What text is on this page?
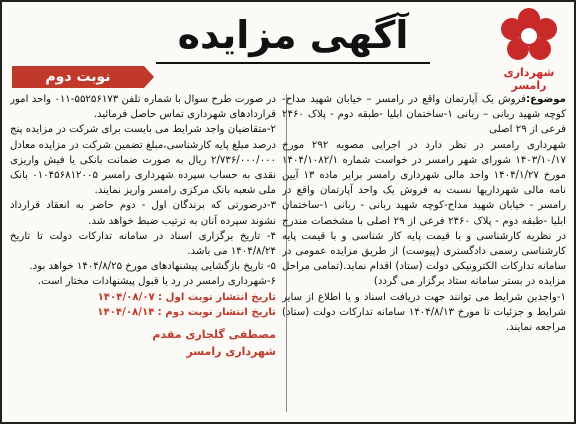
شهرداری رامسر
آگهی مزایده
نوبت دوم

موضوع:فروش یک آپارتمان واقع در رامسر – خیابان شهید مداح-کوچه شهید ربانی – ربانی ۱-ساختمان ابلیا -طبقه دوم - پلاک ۲۴۶۰ فرعی از ۲۹ اصلی

شهرداری رامسر در نظر دارد در اجرایی مصوبه ۲۹۲ مورخ ۱۴۰۳/۱۰/۱۷ شورای شهر رامسر در خواست شماره ۱۴۰۴/۱۰۸۲/۱ مورخ ۱۴۰۴/۱/۲۷ واحد مالی شهرداری رامسر برابر ماده ۱۳ آیین نامه مالی شهرداریها نسبت به فروش یک واحد آپارتمان واقع در رامسر - خیابان شهید مداح-کوچه شهید ربانی - ربانی ۱-ساختمان ابلیا -طبقه دوم - پلاک ۲۴۶۰ فرعی از ۲۹ اصلی با مشخصات مندرج در نظریه کارشناسی و با قیمت پایه کار شناسی و با قیمت پایه کارشناسی رسمی دادگستری (پیوست) از طریق مزایده عمومی در سامانه تدارکات الکترونیکی دولت (ستاد) اقدام نماید.(تمامی مراحل مزایده در بستر سامانه ستاد برگزار می گردد)

۱-واجدین شرایط می توانند جهت دریافت اسناد و یا اطلاع از سایر شرایط و جزئیات تا مورخ ۱۴۰۴/۸/۱۳ سامانه تدارکات دولت (ستاد) مراجعه نمایند.

در صورت طرح سوال با شماره تلفن ۵۵۲۵۶۱۷۳-۰۱۱ واحد امور قراردادهای شهرداری تماس حاصل فرمائید.

۲-متقاضیان واجد شرایط می بایست برای شرکت در مزایده پنج درصد مبلغ پایه کارشناسی،مبلغ تضمین شرکت در مزایده معادل ۲/۷۳۶/۰۰۰/۰۰۰ ریال به صورت ضمانت بانکی یا فیش واریزی نقدی به حساب سپرده شهرداری رامسر ۰۱۰۴۵۶۸۱۲۰۰۵ بانک ملی شعبه بانک مرکزی رامسر واریز نمایند.

۳-درصورتی که برندگان اول - دوم حاضر به انعقاد قرارداد نشوند سپرده آنان به ترتیب ضبط خواهد شد.

۴- تاریخ برگزاری اسناد در سامانه تدارکات دولت تا تاریخ ۱۴۰۴/۸/۲۴ می باشد.

۵- تاریخ بازگشایی پیشنهادهای مورخ ۱۴۰۴/۸/۲۵ خواهد بود.

۶-شهرداری رامسر در رد یا قبول پیشنهادات مختار است.

تاریخ انتشار نوبت اول : ۱۴۰۴/۰۸/۰۷

تاریخ انتشار نوبت دوم : ۱۴۰۴/۰۸/۱۴

مصطفی گلجاری مقدم
شهرداری رامسر
